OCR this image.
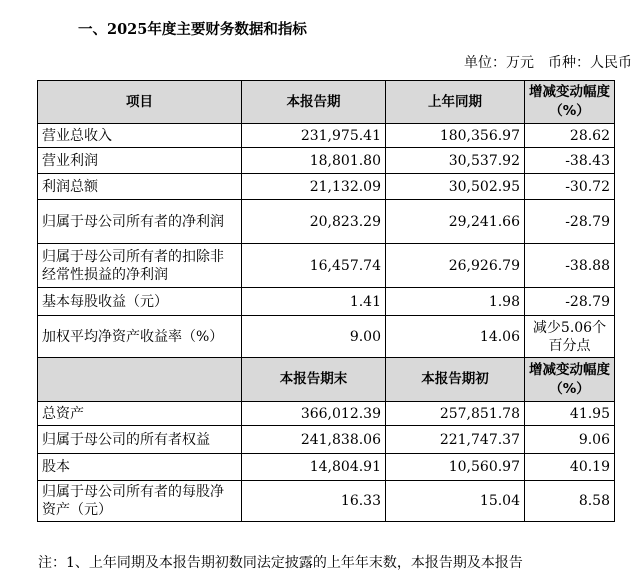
一、2025年度主要财务数据和指标
单位：万元　币种：人民币
项目	本报告期	上年同期	增减变动幅度（%）
营业总收入	231,975.41	180,356.97	28.62
营业利润	18,801.80	30,537.92	-38.43
利润总额	21,132.09	30,502.95	-30.72
归属于母公司所有者的净利润	20,823.29	29,241.66	-28.79
归属于母公司所有者的扣除非经常性损益的净利润	16,457.74	26,926.79	-38.88
基本每股收益（元）	1.41	1.98	-28.79
加权平均净资产收益率（%）	9.00	14.06	减少5.06个百分点
	本报告期末	本报告期初	增减变动幅度（%）
总资产	366,012.39	257,851.78	41.95
归属于母公司的所有者权益	241,838.06	221,747.37	9.06
股本	14,804.91	10,560.97	40.19
归属于母公司所有者的每股净资产（元）	16.33	15.04	8.58
注：1、上年同期及本报告期初数同法定披露的上年年末数，本报告期及本报告
